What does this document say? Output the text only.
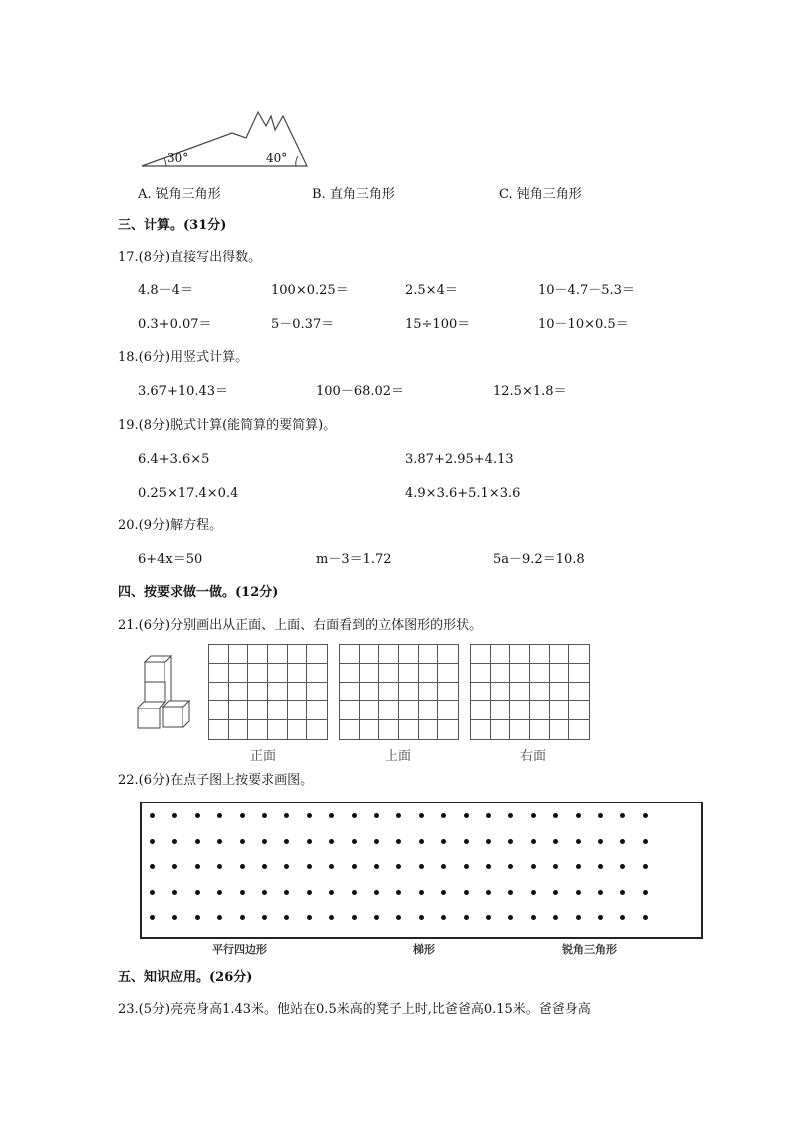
30°	40°
A. 锐角三角形	B. 直角三角形	C. 钝角三角形
三、计算。(31分)
17.(8分)直接写出得数。
4.8－4＝	100×0.25＝	2.5×4＝	10－4.7－5.3＝
0.3+0.07＝	5－0.37＝	15÷100＝	10－10×0.5＝
18.(6分)用竖式计算。
3.67+10.43＝	100－68.02＝	12.5×1.8＝
19.(8分)脱式计算(能简算的要简算)。
6.4+3.6×5	3.87+2.95+4.13
0.25×17.4×0.4	4.9×3.6+5.1×3.6
20.(9分)解方程。
6+4x＝50	m－3＝1.72	5a－9.2＝10.8
四、按要求做一做。(12分)
21.(6分)分别画出从正面、上面、右面看到的立体图形的形状。
正面	上面	右面
22.(6分)在点子图上按要求画图。
平行四边形	梯形	锐角三角形
五、知识应用。(26分)
23.(5分)亮亮身高1.43米。他站在0.5米高的凳子上时,比爸爸高0.15米。爸爸身高
